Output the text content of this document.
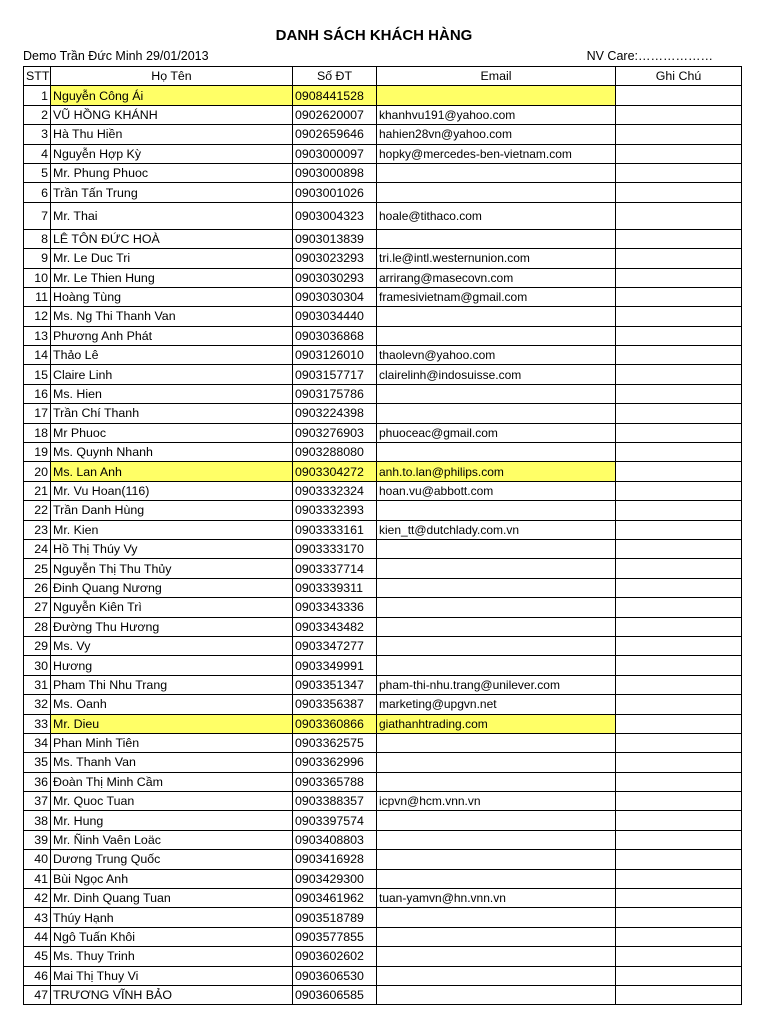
DANH SÁCH KHÁCH HÀNG
Demo Trần Đức Minh 29/01/2013	NV Care:………………
STT	Họ Tên	Số ĐT	Email	Ghi Chú
1	Nguyễn Công Ái	0908441528		
2	VŨ HỒNG KHÁNH	0902620007	khanhvu191@yahoo.com	
3	Hà Thu Hiền	0902659646	hahien28vn@yahoo.com	
4	Nguyễn Hợp Kỳ	0903000097	hopky@mercedes-ben-vietnam.com	
5	Mr. Phung Phuoc	0903000898		
6	Trần Tấn Trung	0903001026		
7	Mr. Thai	0903004323	hoale@tithaco.com	
8	LÊ TÔN ĐỨC HOÀ	0903013839		
9	Mr. Le Duc Tri	0903023293	tri.le@intl.westernunion.com	
10	Mr. Le Thien Hung	0903030293	arrirang@masecovn.com	
11	Hoàng Tùng	0903030304	framesivietnam@gmail.com	
12	Ms. Ng Thi Thanh Van	0903034440		
13	Phương Anh Phát	0903036868		
14	Thảo Lê	0903126010	thaolevn@yahoo.com	
15	Claire Linh	0903157717	clairelinh@indosuisse.com	
16	Ms. Hien	0903175786		
17	Trần Chí Thanh	0903224398		
18	Mr Phuoc	0903276903	phuoceac@gmail.com	
19	Ms. Quynh Nhanh	0903288080		
20	Ms. Lan Anh	0903304272	anh.to.lan@philips.com	
21	Mr. Vu Hoan(116)	0903332324	hoan.vu@abbott.com	
22	Trần Danh Hùng	0903332393		
23	Mr. Kien	0903333161	kien_tt@dutchlady.com.vn	
24	Hồ Thị Thúy Vy	0903333170		
25	Nguyễn Thị Thu Thủy	0903337714		
26	Đinh Quang Nương	0903339311		
27	Nguyễn Kiên Trì	0903343336		
28	Đường Thu Hương	0903343482		
29	Ms. Vy	0903347277		
30	Hương	0903349991		
31	Pham Thi Nhu Trang	0903351347	pham-thi-nhu.trang@unilever.com	
32	Ms. Oanh	0903356387	marketing@upgvn.net	
33	Mr. Dieu	0903360866	giathanhtrading.com	
34	Phan Minh Tiên	0903362575		
35	Ms. Thanh Van	0903362996		
36	Đoàn Thị Minh Cầm	0903365788		
37	Mr. Quoc Tuan	0903388357	icpvn@hcm.vnn.vn	
38	Mr. Hung	0903397574		
39	Mr. Ñinh Vaên Loäc	0903408803		
40	Dương Trung Quốc	0903416928		
41	Bùi Ngọc Anh	0903429300		
42	Mr. Dinh Quang Tuan	0903461962	tuan-yamvn@hn.vnn.vn	
43	Thúy Hạnh	0903518789		
44	Ngô Tuấn Khôi	0903577855		
45	Ms. Thuy Trinh	0903602602		
46	Mai Thị Thuy Vi	0903606530		
47	TRƯƠNG VĨNH BẢO	0903606585		
